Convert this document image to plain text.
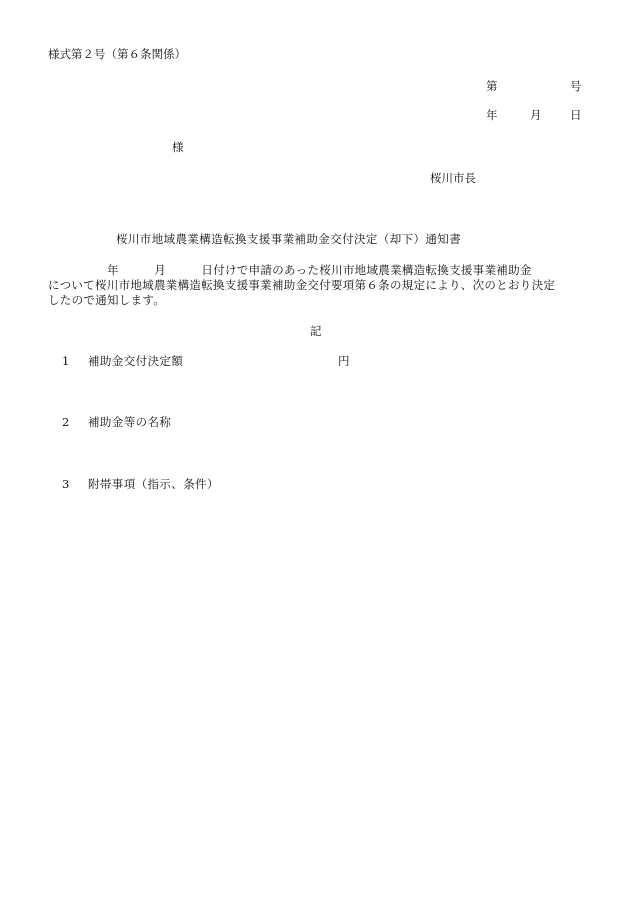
様式第２号（第６条関係）
第	号
年	月 日
様
桜川市長
桜川市地域農業構造転換支援事業補助金交付決定（却下）通知書
　　　　　年　　　月　　　日付けで申請のあった桜川市地域農業構造転換支援事業補助金
について桜川市地域農業構造転換支援事業補助金交付要項第６条の規定により、次のとおり決定
したので通知します。
記
1 補助金交付決定額	円
2 補助金等の名称
3 附帯事項（指示、条件）
